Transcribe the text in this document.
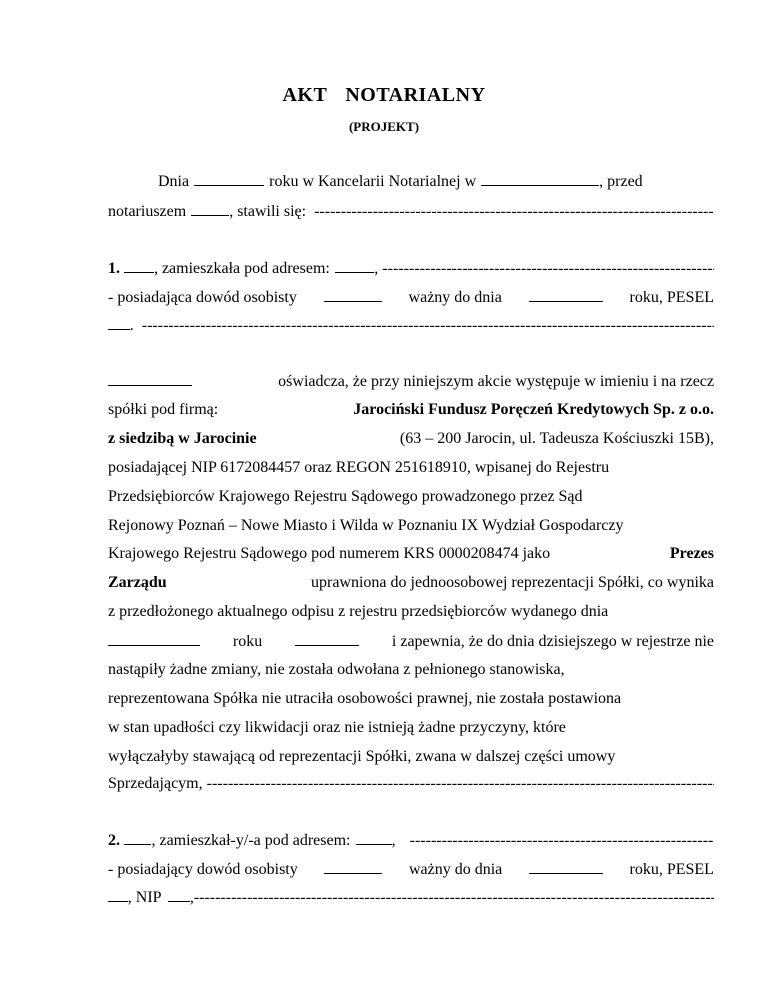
AKT NOTARIALNY
(PROJEKT)
Dnia	roku w Kancelarii Notarialnej w	, przed
notariuszem	, stawili się:
-----
1. , zamieszkała pod adresem:	,
-----
- posiadająca dowód osobisty	ważny do dnia	roku, PESEL
.
-----
oświadcza, że przy niniejszym akcie występuje w imieniu i na rzecz
spółki pod firmą:	Jarociński Fundusz Poręczeń Kredytowych Sp. z o.o.
z siedzibą w Jarocinie	(63 – 200 Jarocin, ul. Tadeusza Kościuszki 15B),
posiadającej NIP 6172084457 oraz REGON 251618910, wpisanej do Rejestru
Przedsiębiorców Krajowego Rejestru Sądowego prowadzonego przez Sąd
Rejonowy Poznań – Nowe Miasto i Wilda w Poznaniu IX Wydział Gospodarczy
Krajowego Rejestru Sądowego pod numerem KRS 0000208474 jako	Prezes
Zarządu	uprawniona do jednoosobowej reprezentacji Spółki, co wynika
z przedłożonego aktualnego odpisu z rejestru przedsiębiorców wydanego dnia
roku	i zapewnia, że do dnia dzisiejszego w rejestrze nie
nastąpiły żadne zmiany, nie została odwołana z pełnionego stanowiska,
reprezentowana Spółka nie utraciła osobowości prawnej, nie została postawiona
w stan upadłości czy likwidacji oraz nie istnieją żadne przyczyny, które
wyłączałyby stawającą od reprezentacji Spółki, zwana w dalszej części umowy
Sprzedającym,
-----
2. , zamieszkał-y/-a pod adresem:	,
-----
- posiadający dowód osobisty	ważny do dnia	roku, PESEL
, NIP ,
-----
